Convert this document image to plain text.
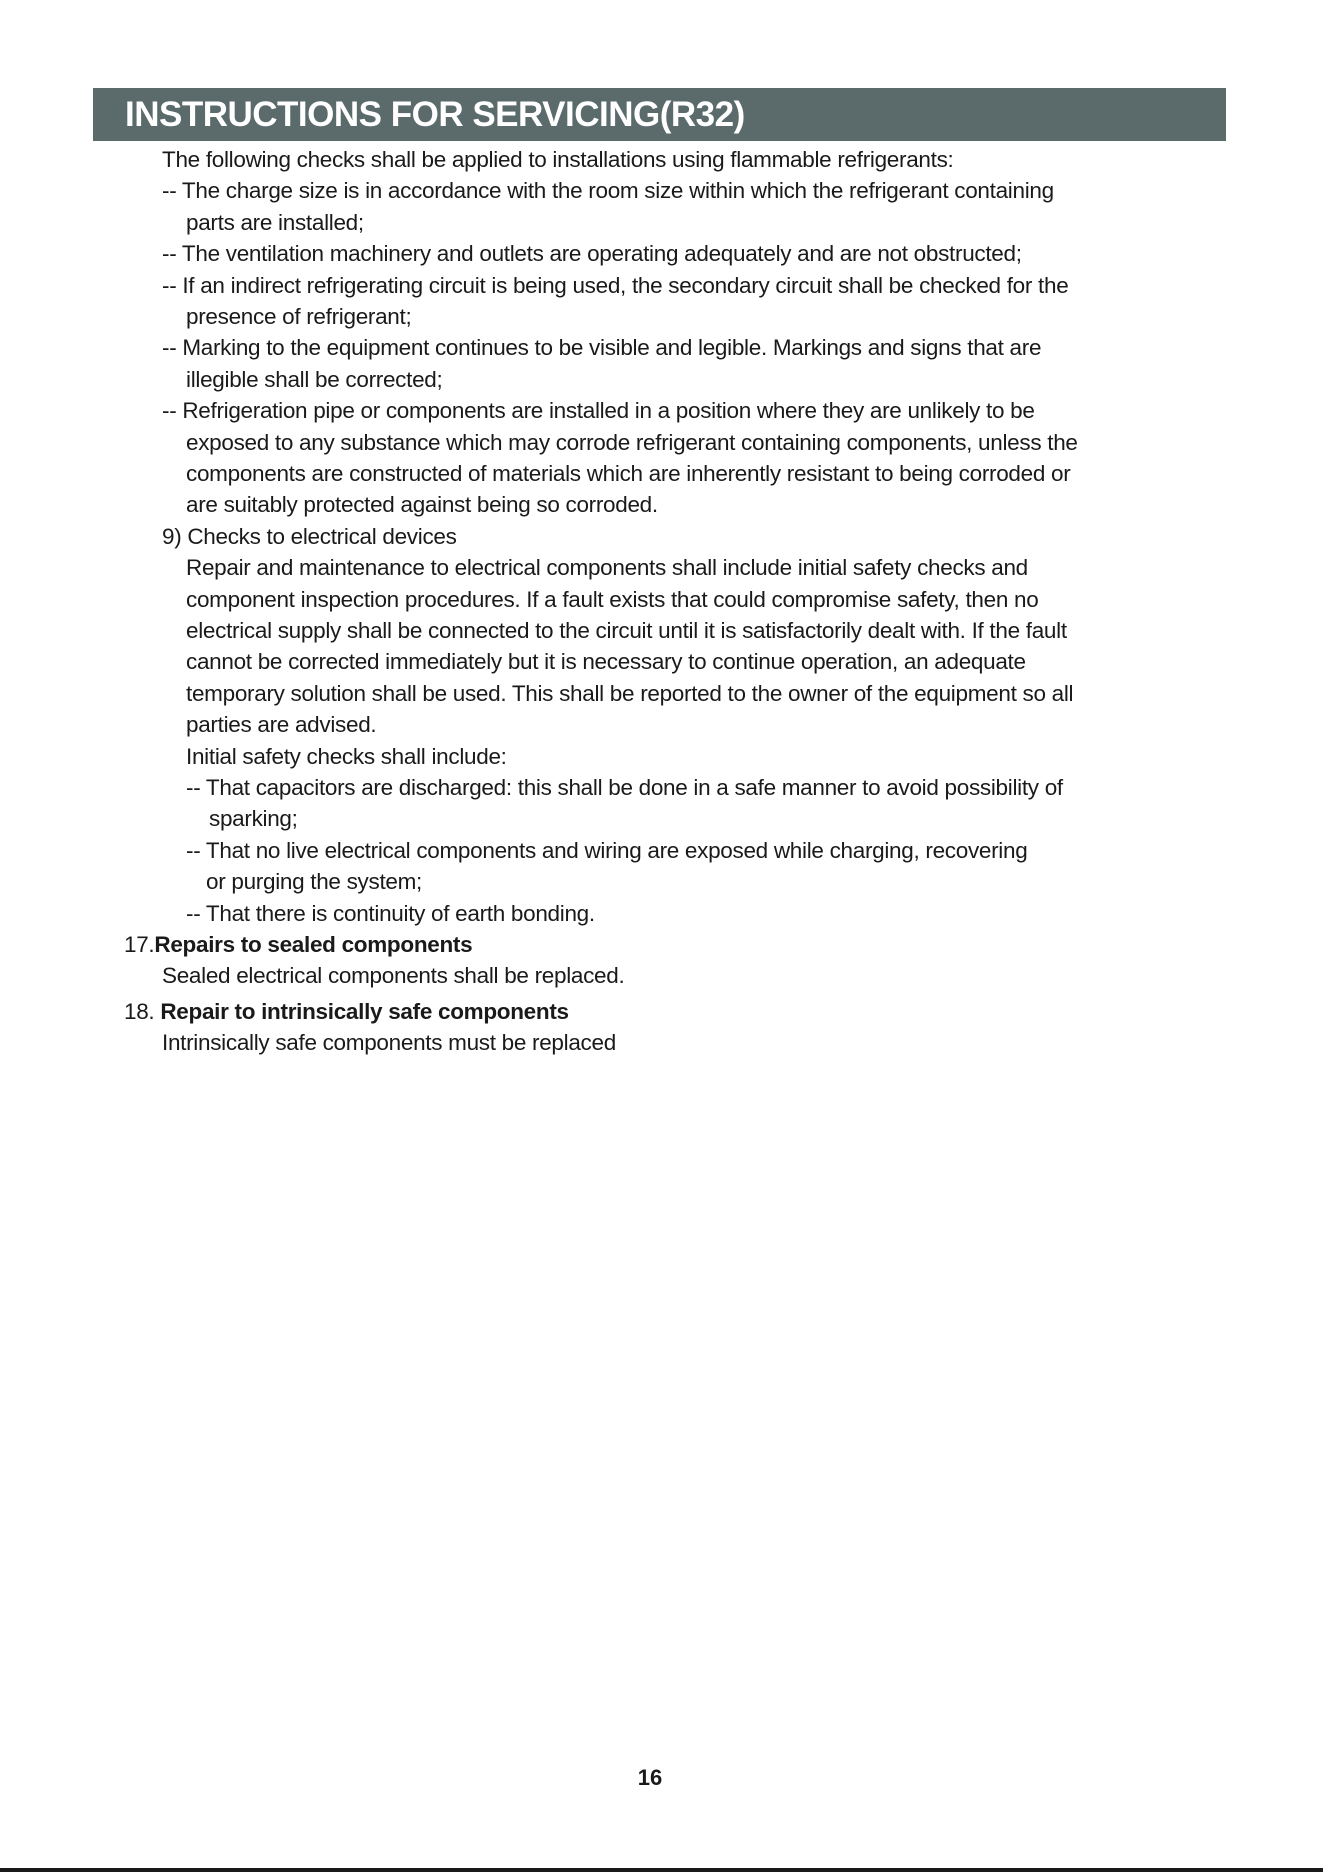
INSTRUCTIONS FOR SERVICING(R32)
The following checks shall be applied to installations using flammable refrigerants:
-- The charge size is in accordance with the room size within which the refrigerant containing
parts are installed;
-- The ventilation machinery and outlets are operating adequately and are not obstructed;
-- If an indirect refrigerating circuit is being used, the secondary circuit shall be checked for the
presence of refrigerant;
-- Marking to the equipment continues to be visible and legible. Markings and signs that are
illegible shall be corrected;
-- Refrigeration pipe or components are installed in a position where they are unlikely to be
exposed to any substance which may corrode refrigerant containing components, unless the
components are constructed of materials which are inherently resistant to being corroded or
are suitably protected against being so corroded.
9) Checks to electrical devices
Repair and maintenance to electrical components shall include initial safety checks and
component inspection procedures. If a fault exists that could compromise safety, then no
electrical supply shall be connected to the circuit until it is satisfactorily dealt with. If the fault
cannot be corrected immediately but it is necessary to continue operation, an adequate
temporary solution shall be used. This shall be reported to the owner of the equipment so all
parties are advised.
Initial safety checks shall include:
-- That capacitors are discharged: this shall be done in a safe manner to avoid possibility of
sparking;
-- That no live electrical components and wiring are exposed while charging, recovering
or purging the system;
-- That there is continuity of earth bonding.
17.Repairs to sealed components
Sealed electrical components shall be replaced.
18. Repair to intrinsically safe components
Intrinsically safe components must be replaced
16
